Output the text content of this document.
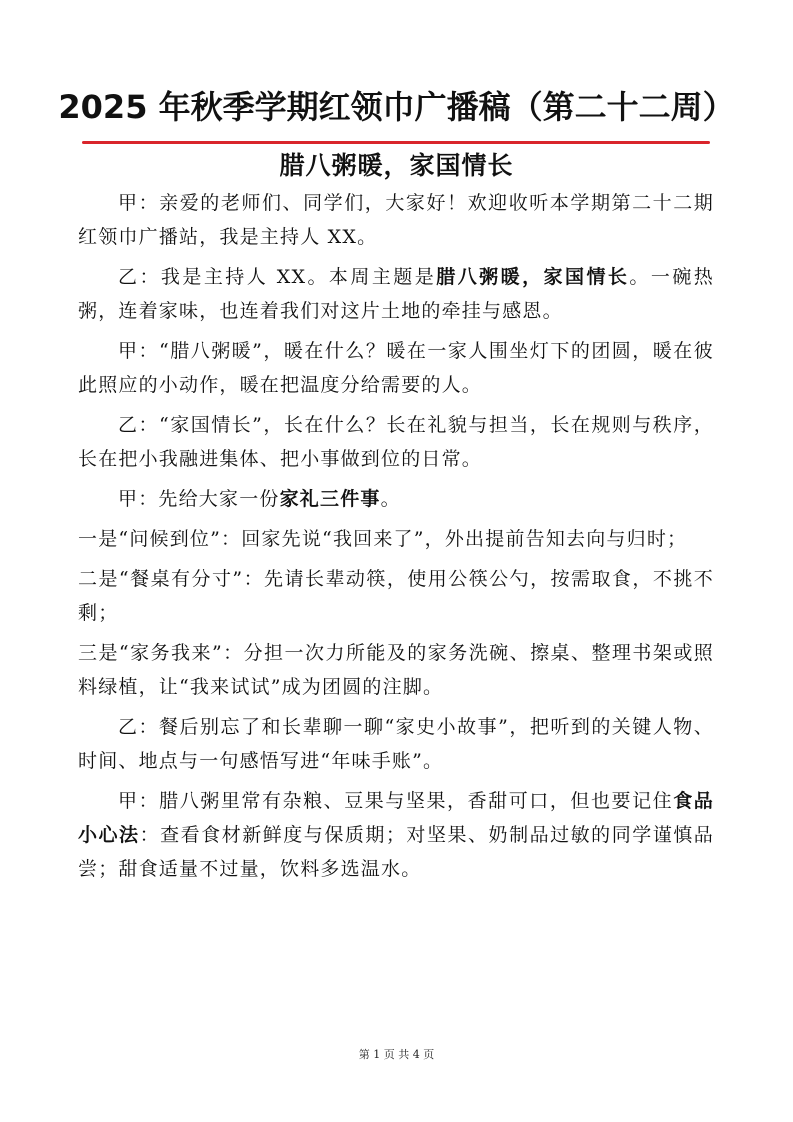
2025 年秋季学期红领巾广播稿（第二十二周）
腊八粥暖，家国情长

甲：亲爱的老师们、同学们，大家好！欢迎收听本学期第二十二期红领巾广播站，我是主持人 XX。

乙：我是主持人 XX。本周主题是腊八粥暖，家国情长。一碗热粥，连着家味，也连着我们对这片土地的牵挂与感恩。

甲：“腊八粥暖”，暖在什么？暖在一家人围坐灯下的团圆，暖在彼此照应的小动作，暖在把温度分给需要的人。

乙：“家国情长”，长在什么？长在礼貌与担当，长在规则与秩序，长在把小我融进集体、把小事做到位的日常。

甲：先给大家一份家礼三件事。

一是“问候到位”：回家先说“我回来了”，外出提前告知去向与归时；

二是“餐桌有分寸”：先请长辈动筷，使用公筷公勺，按需取食，不挑不剩；

三是“家务我来”：分担一次力所能及的家务洗碗、擦桌、整理书架或照料绿植，让“我来试试”成为团圆的注脚。

乙：餐后别忘了和长辈聊一聊“家史小故事”，把听到的关键人物、时间、地点与一句感悟写进“年味手账”。

甲：腊八粥里常有杂粮、豆果与坚果，香甜可口，但也要记住食品小心法：查看食材新鲜度与保质期；对坚果、奶制品过敏的同学谨慎品尝；甜食适量不过量，饮料多选温水。

第 1 页 共 4 页
